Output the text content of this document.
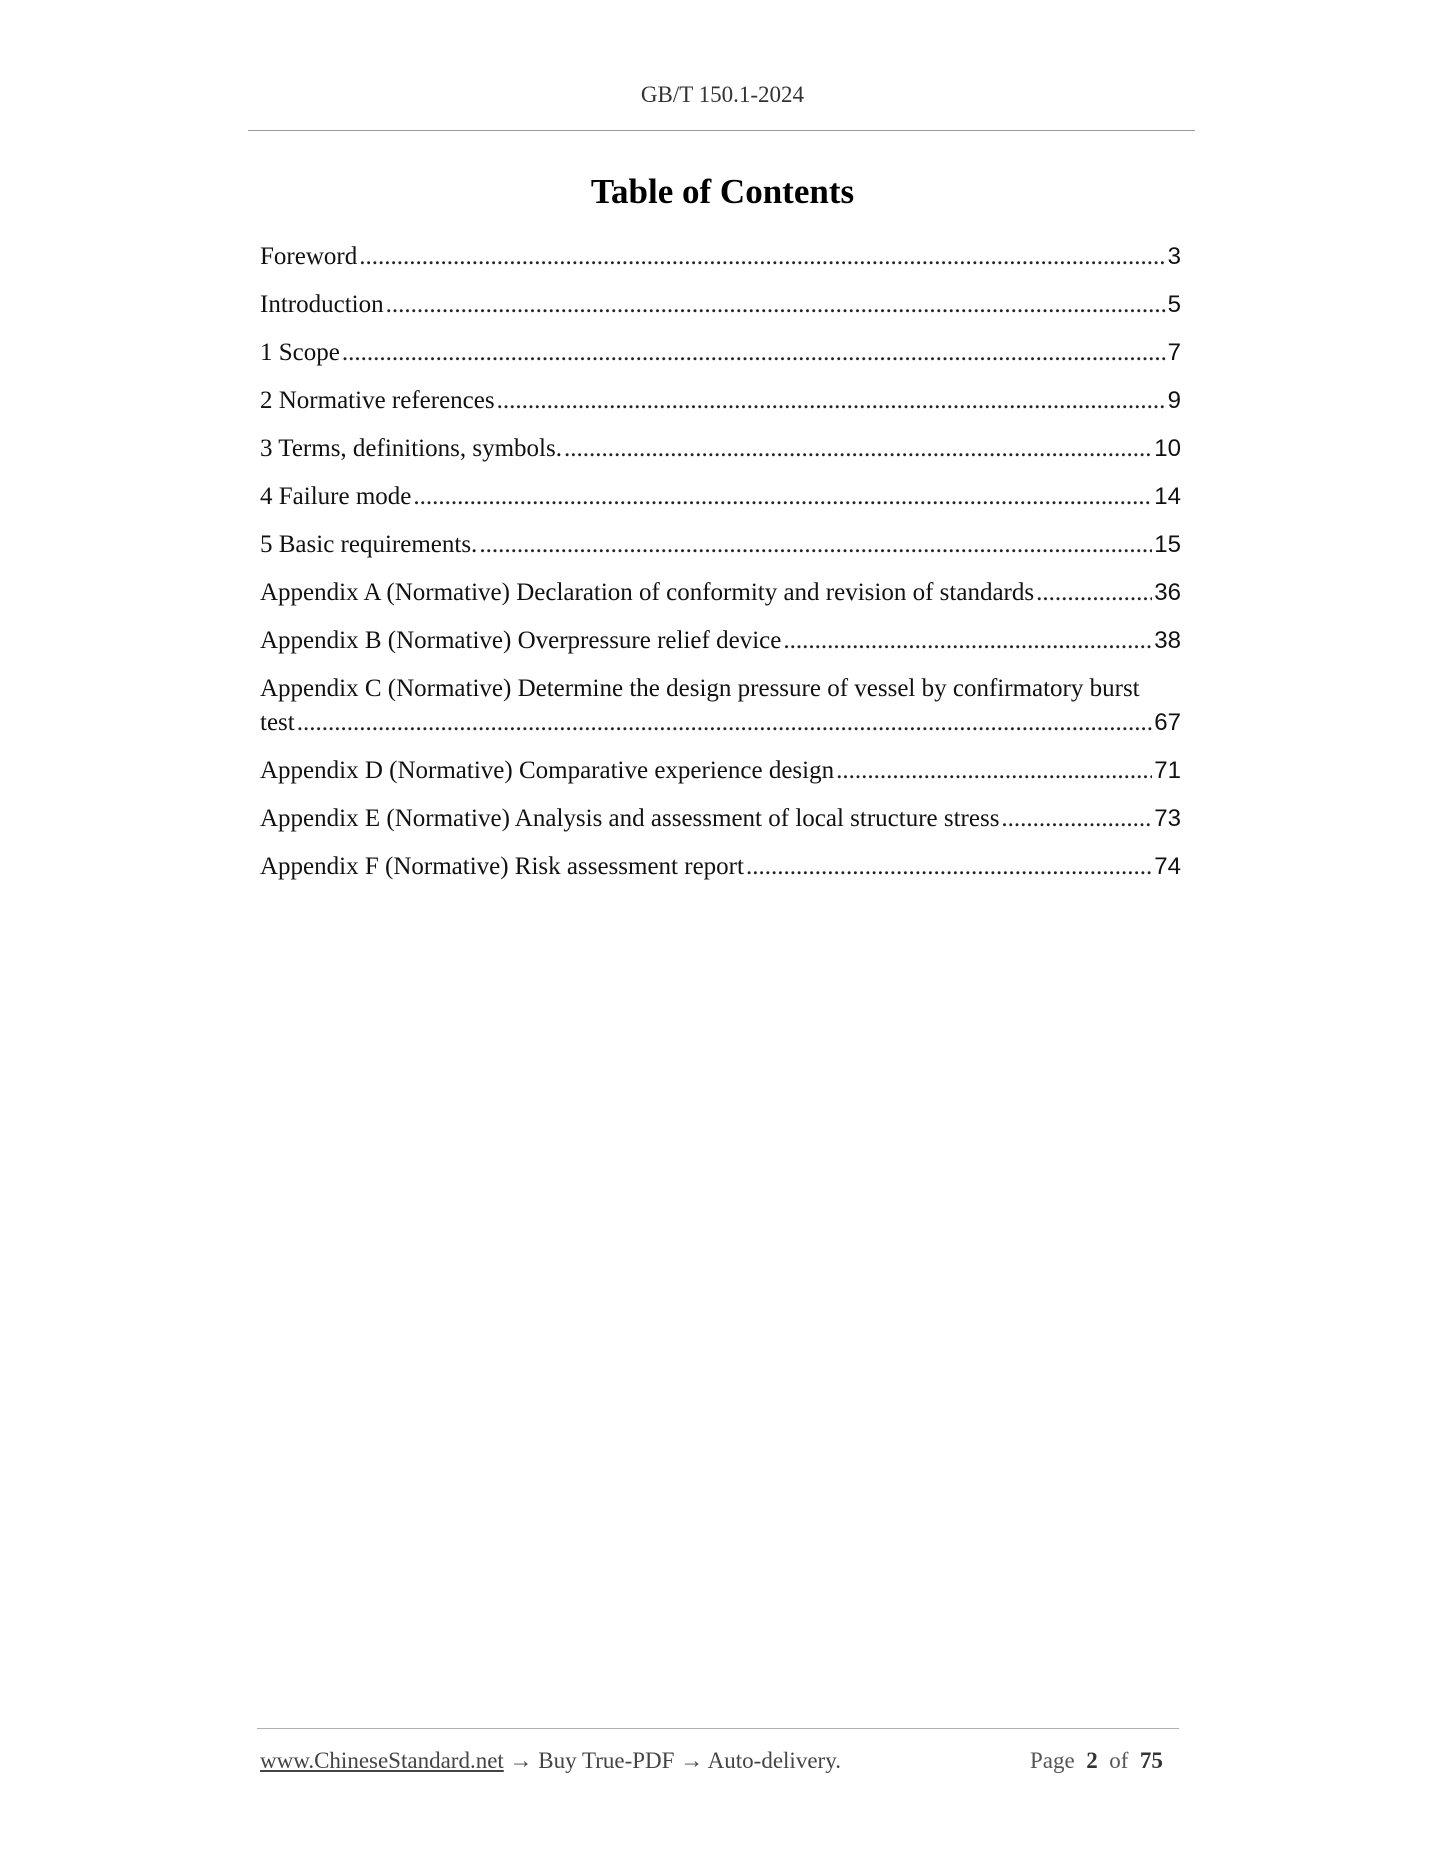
GB/T 150.1-2024
Table of Contents
Foreword .....	3
Introduction .....	5
1 Scope .....	7
2 Normative references .....	9
3 Terms, definitions, symbols. .....	10
4 Failure mode .....	14
5 Basic requirements. .....	15
Appendix A (Normative) Declaration of conformity and revision of standards .....	36
Appendix B (Normative) Overpressure relief device .....	38
Appendix C (Normative) Determine the design pressure of vessel by confirmatory burst
test .....	67
Appendix D (Normative) Comparative experience design .....	71
Appendix E (Normative) Analysis and assessment of local structure stress .....	73
Appendix F (Normative) Risk assessment report .....	74
www.ChineseStandard.net → Buy True-PDF → Auto-delivery.	Page 2 of 75
